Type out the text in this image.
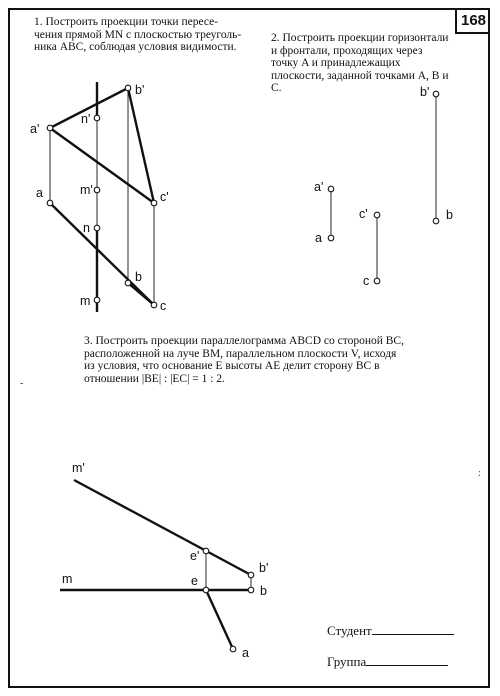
168
1. Построить проекции точки пересе-чения прямой MN с плоскостью треуголь-ника ABC, соблюдая условия видимости.
2. Построить проекции горизонтали и фронтали, проходящих через точку A и принадлежащих плоскости, заданной точками A, B и C.
3. Построить проекции параллелограмма ABCD со стороной BC, расположенной на луче BM, параллельном плоскости V, исходя из условия, что основание E высоты AE делит сторону BC в отношении |BE| : |EC| = 1 : 2.
b'
a'
n'
m'	c'
a
n
b
m	c
a'
a
c'
c
b'
b
m'
m
e'
e
b'
b
a
Студент
Группа
-
:
